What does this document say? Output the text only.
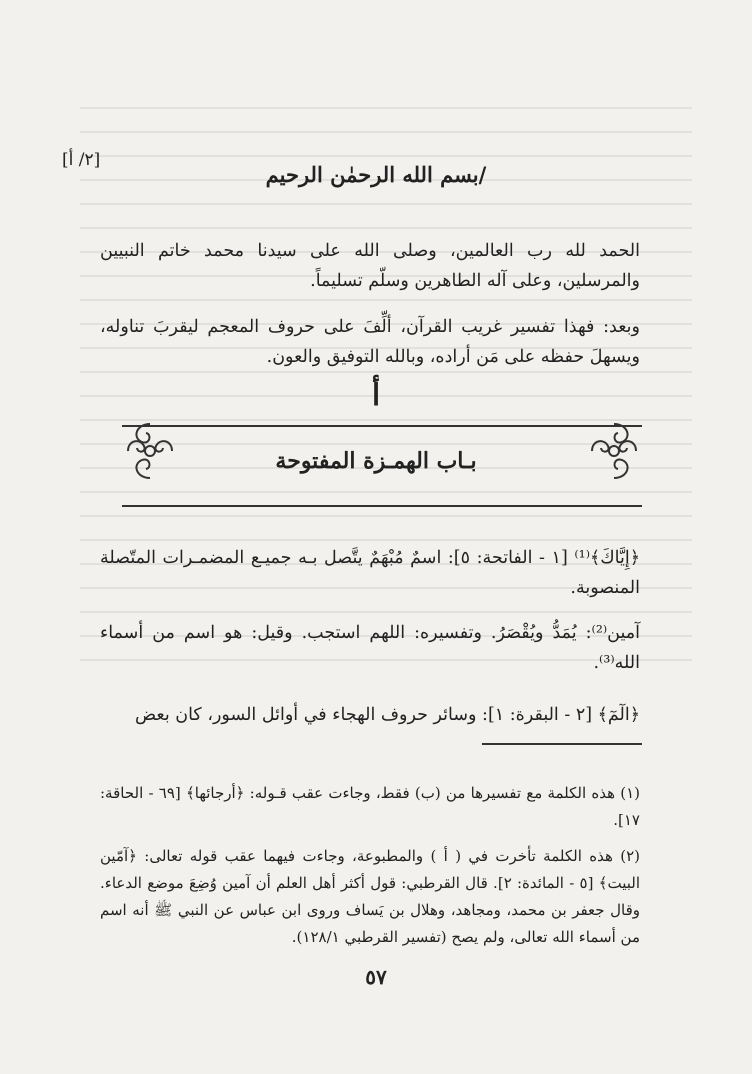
[٢/ أ]
/بسم الله الرحمٰن الرحيم

الحمد لله رب العالمين، وصلى الله على سيدنا محمد خاتم النبيين والمرسلين، وعلى آله الطاهرين وسلّم تسليماً.

وبعد: فهذا تفسير غريب القرآن، ألِّفَ على حروف المعجم ليقربَ تناوله، ويسهلَ حفظه على مَن أراده، وبالله التوفيق والعون.

أ
بـاب الهمـزة المفتوحة

﴿إِيَّاكَ﴾⁽¹⁾ [١ - الفاتحة: ٥]: اسمٌ مُبْهَمٌ يتَّصل بـه جميـع المضمـرات المتّصلة المنصوبة.

آمين⁽²⁾: يُمَدُّ ويُقْصَرُ. وتفسيره: اللهم استجب. وقيل: هو اسم من أسماء الله⁽³⁾.

﴿الٓمٓ﴾ [٢ - البقرة: ١]: وسائر حروف الهجاء في أوائل السور، كان بعض

(١) هذه الكلمة مع تفسيرها من (ب) فقط، وجاءت عقب قـوله: ﴿أرجائها﴾ [٦٩ - الحاقة: ١٧].

(٢) هذه الكلمة تأخرت في ( أ ) والمطبوعة، وجاءت فيهما عقب قوله تعالى: ﴿آمّين البيت﴾ [٥ - المائدة: ٢]. قال القرطبي: قول أكثر أهل العلم أن آمين وُضِعَ موضع الدعاء. وقال جعفر بن محمد، ومجاهد، وهلال بن يَساف وروى ابن عباس عن النبي ﷺ أنه اسم من أسماء الله تعالى، ولم يصح (تفسير القرطبي ١٢٨/١).

٥٧
